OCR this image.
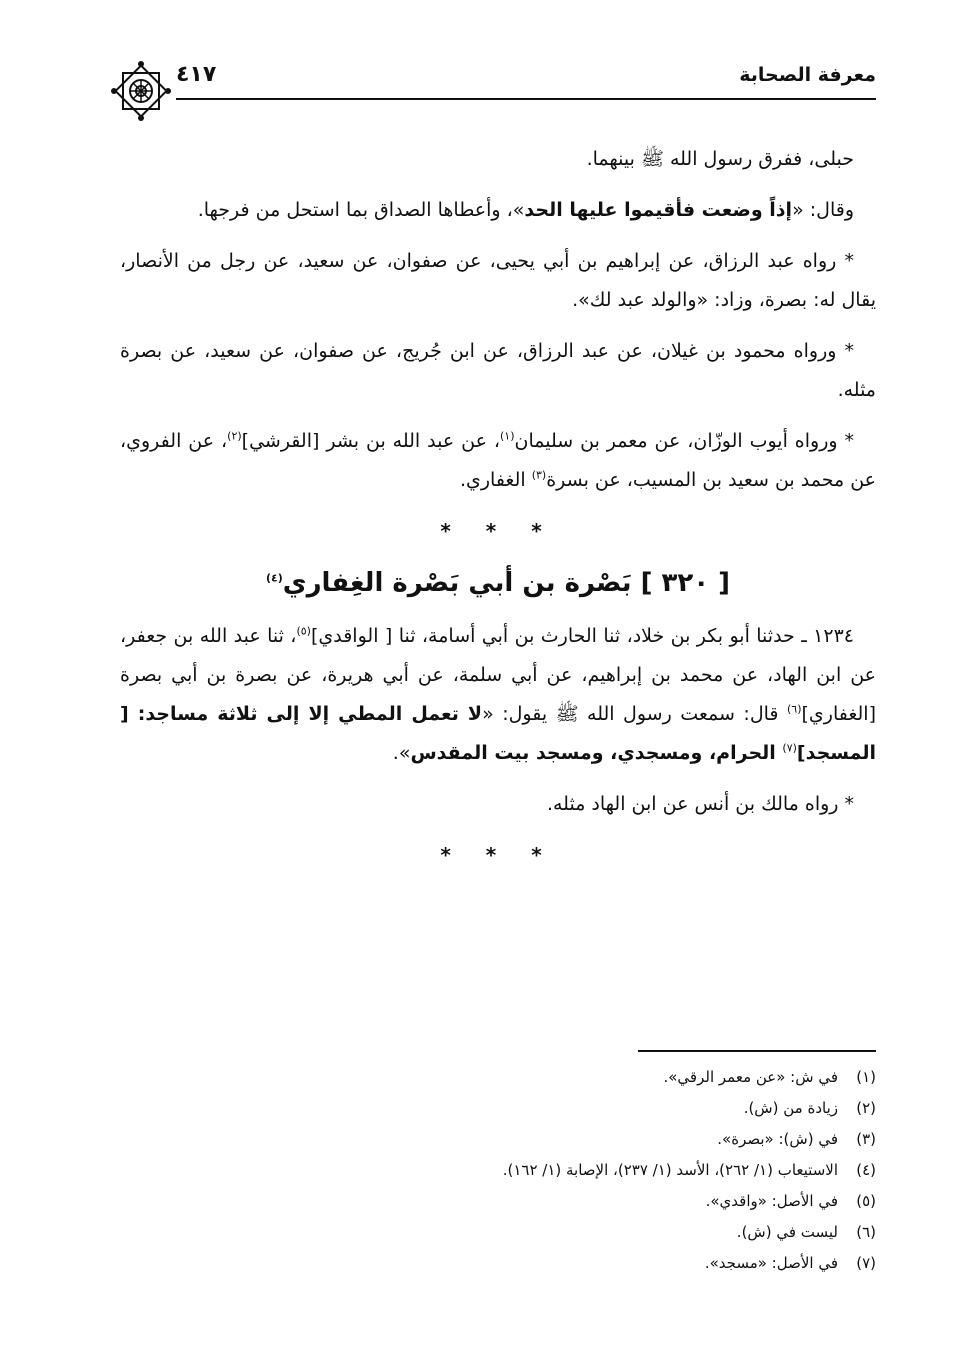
معرفة الصحابة
٤١٧

حبلى، ففرق رسول الله ﷺ بينهما.

وقال: «إذاً وضعت فأقيموا عليها الحد»، وأعطاها الصداق بما استحل من فرجها.

* رواه عبد الرزاق، عن إبراهيم بن أبي يحيى، عن صفوان، عن سعيد، عن رجل من الأنصار، يقال له: بصرة، وزاد: «والولد عبد لك».

* ورواه محمود بن غيلان، عن عبد الرزاق، عن ابن جُريج، عن صفوان، عن سعيد، عن بصرة مثله.

* ورواه أيوب الوزّان، عن معمر بن سليمان$^{(١)}$، عن عبد الله بن بشر [القرشي]$^{(٢)}$، عن الفروي، عن محمد بن سعيد بن المسيب، عن بسرة$^{(٣)}$ الغفاري.

* * *
[ ٣٢٠ ] بَصْرة بن أبي بَصْرة الغِفاري$^{(٤)}$

١٢٣٤ ـ حدثنا أبو بكر بن خلاد، ثنا الحارث بن أبي أسامة، ثنا [ الواقدي]$^{(٥)}$، ثنا عبد الله بن جعفر، عن ابن الهاد، عن محمد بن إبراهيم، عن أبي سلمة، عن أبي هريرة، عن بصرة بن أبي بصرة [الغفاري]$^{(٦)}$ قال: سمعت رسول الله ﷺ يقول: «لا تعمل المطي إلا إلى ثلاثة مساجد: [ المسجد]$^{(٧)}$ الحرام، ومسجدي، ومسجد بيت المقدس».

* رواه مالك بن أنس عن ابن الهاد مثله.

* * *
(١)في ش: «عن معمر الرقي».
(٢)زيادة من (ش).
(٣)في (ش): «بصرة».
(٤)الاستيعاب (١/ ٢٦٢)، الأسد (١/ ٢٣٧)، الإصابة (١/ ١٦٢).
(٥)في الأصل: «واقدي».
(٦)ليست في (ش).
(٧)في الأصل: «مسجد».
